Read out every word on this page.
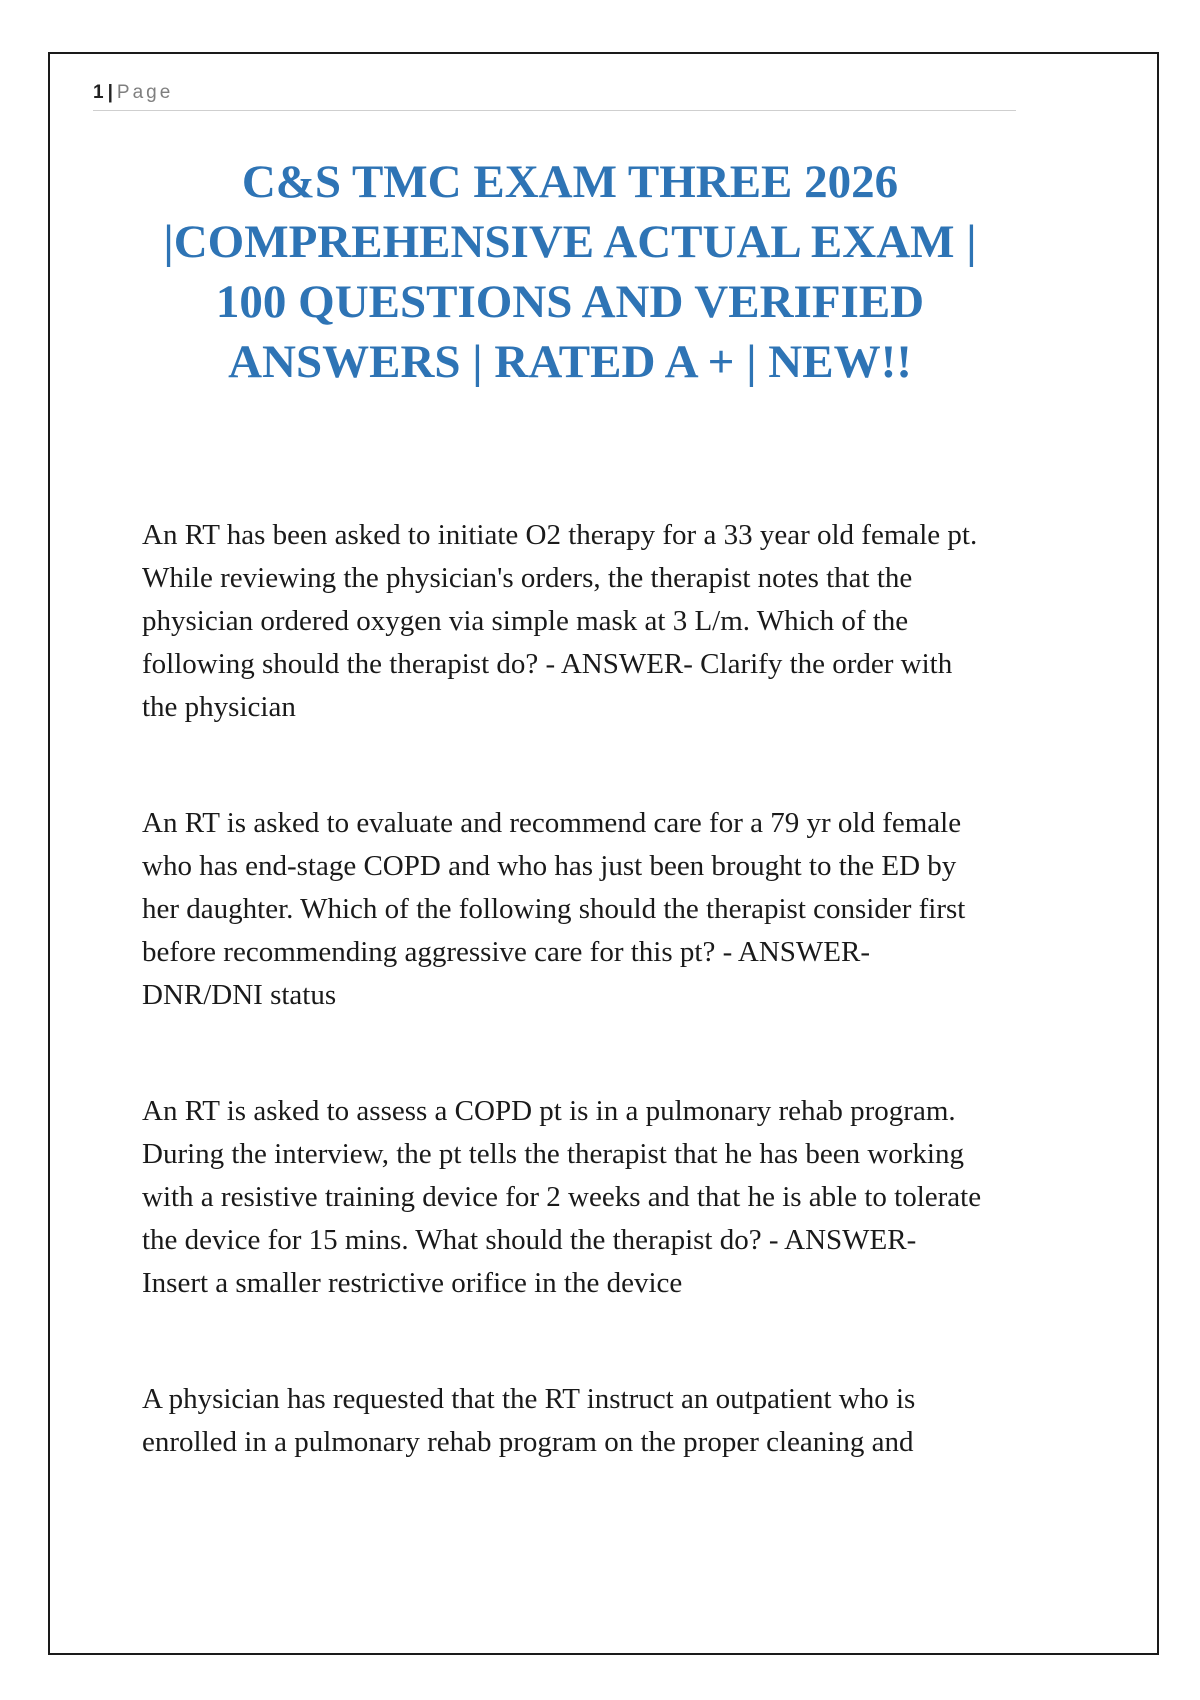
1 | Page
C&S TMC EXAM THREE 2026
|COMPREHENSIVE ACTUAL EXAM |
100 QUESTIONS AND VERIFIED
ANSWERS | RATED A + | NEW!!

An RT has been asked to initiate O2 therapy for a 33 year old female pt.
While reviewing the physician's orders, the therapist notes that the
physician ordered oxygen via simple mask at 3 L/m. Which of the
following should the therapist do? - ANSWER- Clarify the order with
the physician

An RT is asked to evaluate and recommend care for a 79 yr old female
who has end-stage COPD and who has just been brought to the ED by
her daughter. Which of the following should the therapist consider first
before recommending aggressive care for this pt? - ANSWER-
DNR/DNI status

An RT is asked to assess a COPD pt is in a pulmonary rehab program.
During the interview, the pt tells the therapist that he has been working
with a resistive training device for 2 weeks and that he is able to tolerate
the device for 15 mins. What should the therapist do? - ANSWER-
Insert a smaller restrictive orifice in the device

A physician has requested that the RT instruct an outpatient who is
enrolled in a pulmonary rehab program on the proper cleaning and
